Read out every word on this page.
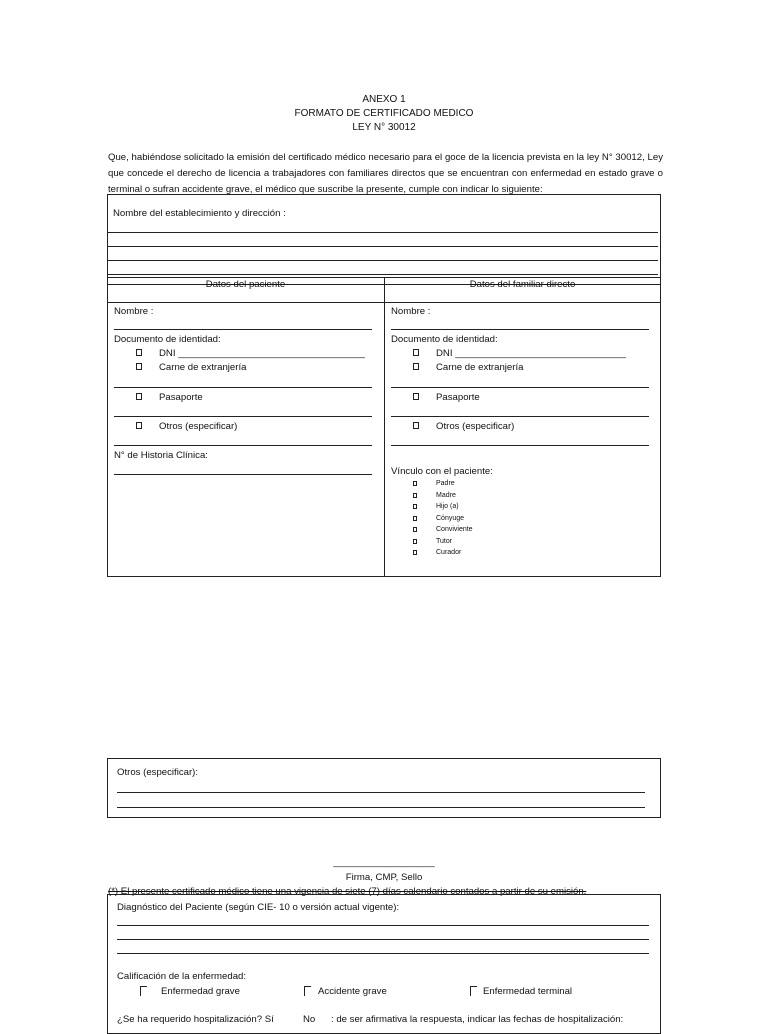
ANEXO 1
FORMATO DE CERTIFICADO MEDICO
LEY N° 30012
Que, habiéndose solicitado la emisión del certificado médico necesario para el goce de la licencia prevista en la ley N° 30012, Ley que concede el derecho de licencia a trabajadores con familiares directos que se encuentran con enfermedad en estado grave o terminal o sufran accidente grave, el médico que suscribe la presente, cumple con indicar lo siguiente:
Nombre del establecimiento y dirección :
Datos del paciente	Datos del familiar directo
Nombre :
Documento de identidad:
DNI ___________________________________
Carne de extranjería
Pasaporte
Otros (especificar)
N° de Historia Clínica:
Nombre :
Documento de identidad:
DNI ________________________________
Carne de extranjería
Pasaporte
Otros (especificar)
Vínculo con el paciente:
Padre
Madre
Hijo (a)
Cónyuge
Conviviente
Tutor
Curador
Otros (especificar):
___________________
Firma, CMP, Sello
(*) El presente certificado médico tiene una vigencia de siete (7) días calendario contados a partir de su emisión.
Diagnóstico del Paciente (según CIE- 10 o versión actual vigente):
Calificación de la enfermedad:
Enfermedad grave	Accidente grave	Enfermedad terminal
¿Se ha requerido hospitalización? Sí	No : de ser afirmativa la respuesta, indicar las fechas de hospitalización:
